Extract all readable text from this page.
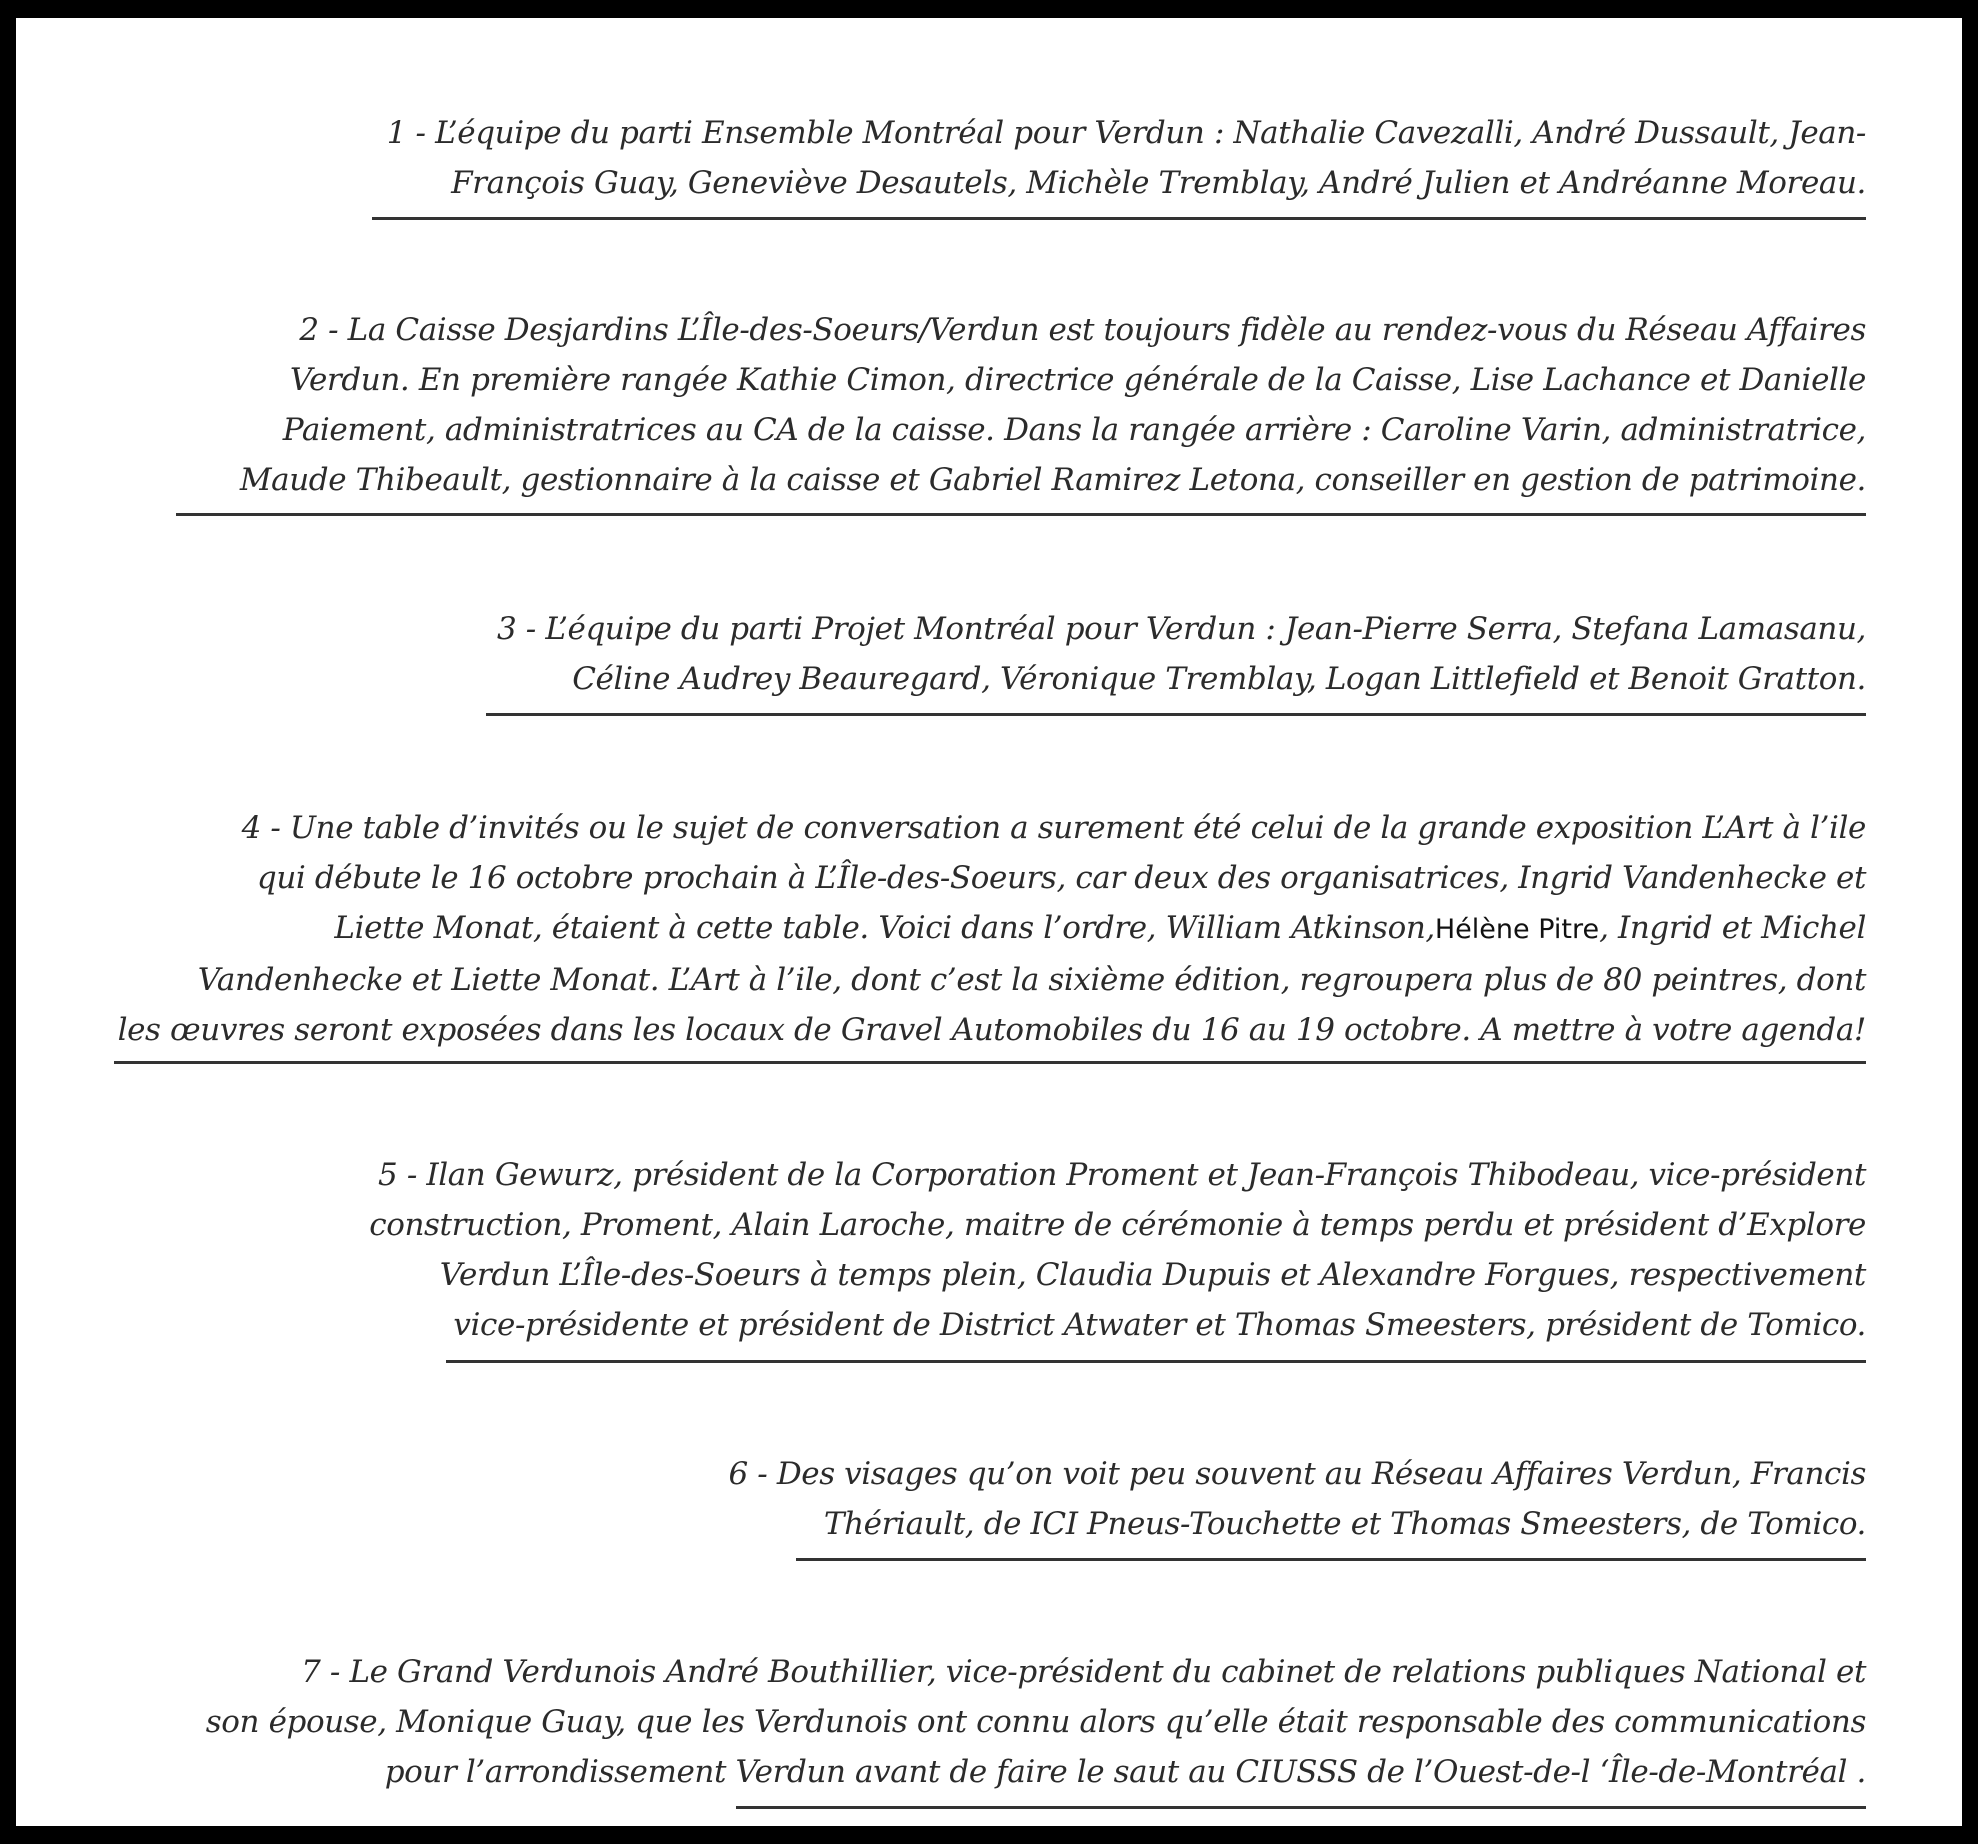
1 - L’équipe du parti Ensemble Montréal pour Verdun : Nathalie Cavezalli, André Dussault, Jean-
François Guay, Geneviève Desautels, Michèle Tremblay, André Julien et Andréanne Moreau.
2 - La Caisse Desjardins L’Île-des-Soeurs/Verdun est toujours fidèle au rendez-vous du Réseau Affaires
Verdun. En première rangée Kathie Cimon, directrice générale de la Caisse, Lise Lachance et Danielle
Paiement, administratrices au CA de la caisse. Dans la rangée arrière : Caroline Varin, administratrice,
Maude Thibeault, gestionnaire à la caisse et Gabriel Ramirez Letona, conseiller en gestion de patrimoine.
3 - L’équipe du parti Projet Montréal pour Verdun : Jean-Pierre Serra, Stefana Lamasanu,
Céline Audrey Beauregard, Véronique Tremblay, Logan Littlefield et Benoit Gratton.
4 - Une table d’invités ou le sujet de conversation a surement été celui de la grande exposition L’Art à l’ile
qui débute le 16 octobre prochain à L’Île-des-Soeurs, car deux des organisatrices, Ingrid Vandenhecke et
Liette Monat, étaient à cette table. Voici dans l’ordre, William Atkinson,Hélène Pitre, Ingrid et Michel
Vandenhecke et Liette Monat. L’Art à l’ile, dont c’est la sixième édition, regroupera plus de 80 peintres, dont
les œuvres seront exposées dans les locaux de Gravel Automobiles du 16 au 19 octobre. A mettre à votre agenda!
5 - Ilan Gewurz, président de la Corporation Proment et Jean-François Thibodeau, vice-président
construction, Proment, Alain Laroche, maitre de cérémonie à temps perdu et président d’Explore
Verdun L’Île-des-Soeurs à temps plein, Claudia Dupuis et Alexandre Forgues, respectivement
vice-présidente et président de District Atwater et Thomas Smeesters, président de Tomico.
6 - Des visages qu’on voit peu souvent au Réseau Affaires Verdun, Francis
Thériault, de ICI Pneus-Touchette et Thomas Smeesters, de Tomico.
7 - Le Grand Verdunois André Bouthillier, vice-président du cabinet de relations publiques National et
son épouse, Monique Guay, que les Verdunois ont connu alors qu’elle était responsable des communications
pour l’arrondissement Verdun avant de faire le saut au CIUSSS de l’Ouest-de-l ‘Île-de-Montréal .
